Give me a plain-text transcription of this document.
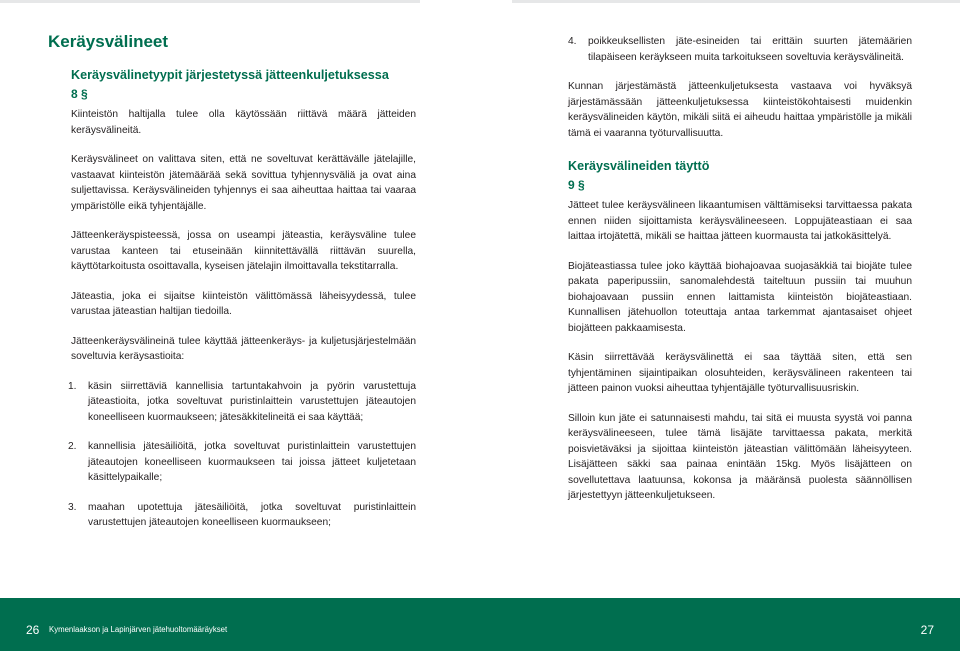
Keräysvälineet
Keräysvälinetyypit järjestetyssä jätteenkuljetuksessa
8 §

Kiinteistön haltijalla tulee olla käytössään riittävä määrä jätteiden keräysvälineitä.

Keräysvälineet on valittava siten, että ne soveltuvat kerättävälle jätelajille, vastaavat kiinteistön jätemäärää sekä sovittua tyhjennysväliä ja ovat aina suljettavissa. Keräysvälineiden tyhjennys ei saa aiheuttaa haittaa tai vaaraa ympäristölle eikä tyhjentäjälle.

Jätteenkeräyspisteessä, jossa on useampi jäteastia, keräysväline tulee varustaa kanteen tai etuseinään kiinnitettävällä riittävän suurella, käyttötarkoitusta osoittavalla, kyseisen jätelajin ilmoittavalla tekstitarralla.

Jäteastia, joka ei sijaitse kiinteistön välittömässä läheisyydessä, tulee varustaa jäteastian haltijan tiedoilla.

Jätteenkeräysvälineinä tulee käyttää jätteenkeräys- ja kuljetusjärjestelmään soveltuvia keräysastioita:

1. käsin siirrettäviä kannellisia tartuntakahvoin ja pyörin varustettuja jäteastioita, jotka soveltuvat puristinlaittein varustettujen jäteautojen koneelliseen kuormaukseen; jätesäkkitelineitä ei saa käyttää;
2. kannellisia jätesäiliöitä, jotka soveltuvat puristinlaittein varustettujen jäteautojen koneelliseen kuormaukseen tai joissa jätteet kuljetetaan käsittelypaikalle;
3. maahan upotettuja jätesäiliöitä, jotka soveltuvat puristinlaittein varustettujen jäteautojen koneelliseen kuormaukseen;
4. poikkeuksellisten jäte-esineiden tai erittäin suurten jätemäärien tilapäiseen keräykseen muita tarkoitukseen soveltuvia keräysvälineitä.

Kunnan järjestämästä jätteenkuljetuksesta vastaava voi hyväksyä järjestämässään jätteenkuljetuksessa kiinteistökohtaisesti muidenkin keräysvälineiden käytön, mikäli siitä ei aiheudu haittaa ympäristölle ja mikäli tämä ei vaaranna työturvallisuutta.

Keräysvälineiden täyttö
9 §

Jätteet tulee keräysvälineen likaantumisen välttämiseksi tarvittaessa pakata ennen niiden sijoittamista keräysvälineeseen. Loppujäteastiaan ei saa laittaa irtojätettä, mikäli se haittaa jätteen kuormausta tai jatkokäsittelyä.

Biojäteastiassa tulee joko käyttää biohajoavaa suojasäkkiä tai biojäte tulee pakata paperipussiin, sanomalehdestä taiteltuun pussiin tai muuhun biohajoavaan pussiin ennen laittamista kiinteistön biojäteastiaan. Kunnallisen jätehuollon toteuttaja antaa tarkemmat ajantasaiset ohjeet biojätteen pakkaamisesta.

Käsin siirrettävää keräysvälinettä ei saa täyttää siten, että sen tyhjentäminen sijaintipaikan olosuhteiden, keräysvälineen rakenteen tai jätteen painon vuoksi aiheuttaa tyhjentäjälle työturvallisuusriskin.

Silloin kun jäte ei satunnaisesti mahdu, tai sitä ei muusta syystä voi panna keräysvälineeseen, tulee tämä lisäjäte tarvittaessa pakata, merkitä poisvietäväksi ja sijoittaa kiinteistön jäteastian välittömään läheisyyteen. Lisäjätteen säkki saa painaa enintään 15kg. Myös lisäjätteen on sovellutettava laatuunsa, kokonsa ja määränsä puolesta säännöllisen järjestettyyn jätteenkuljetukseen.

26 Kymenlaakson ja Lapinjärven jätehuoltomääräykset	27
